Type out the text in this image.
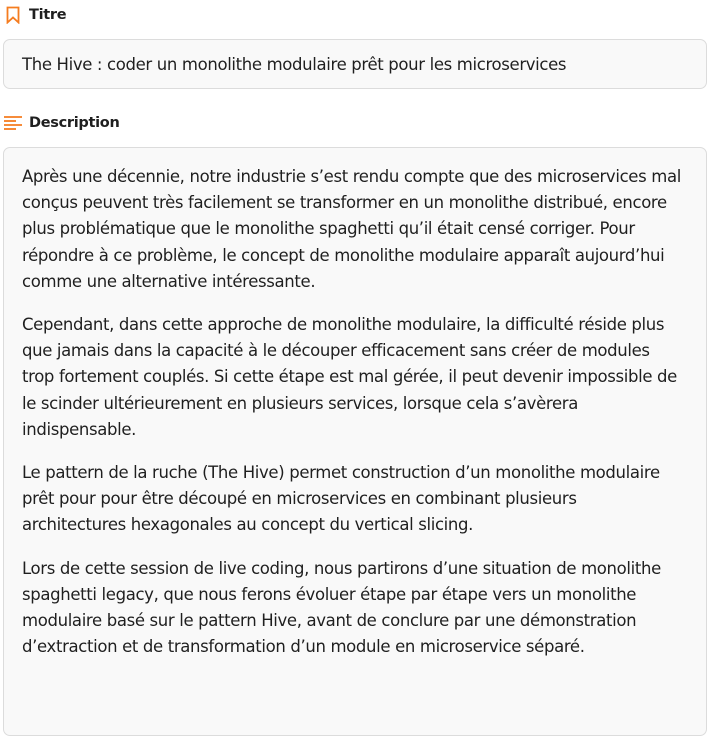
Titre
The Hive : coder un monolithe modulaire prêt pour les microservices
Description

Après une décennie, notre industrie s’est rendu compte que des microservices mal conçus peuvent très facilement se transformer en un monolithe distribué, encore plus problématique que le monolithe spaghetti qu’il était censé corriger. Pour répondre à ce problème, le concept de monolithe modulaire apparaît aujourd’hui comme une alternative intéressante.

Cependant, dans cette approche de monolithe modulaire, la difficulté réside plus que jamais dans la capacité à le découper efficacement sans créer de modules trop fortement couplés. Si cette étape est mal gérée, il peut devenir impossible de le scinder ultérieurement en plusieurs services, lorsque cela s’avèrera indispensable.

Le pattern de la ruche (The Hive) permet construction d’un monolithe modulaire prêt pour pour être découpé en microservices en combinant plusieurs architectures hexagonales au concept du vertical slicing.

Lors de cette session de live coding, nous partirons d’une situation de monolithe spaghetti legacy, que nous ferons évoluer étape par étape vers un monolithe modulaire basé sur le pattern Hive, avant de conclure par une démonstration d’extraction et de transformation d’un module en microservice séparé.
